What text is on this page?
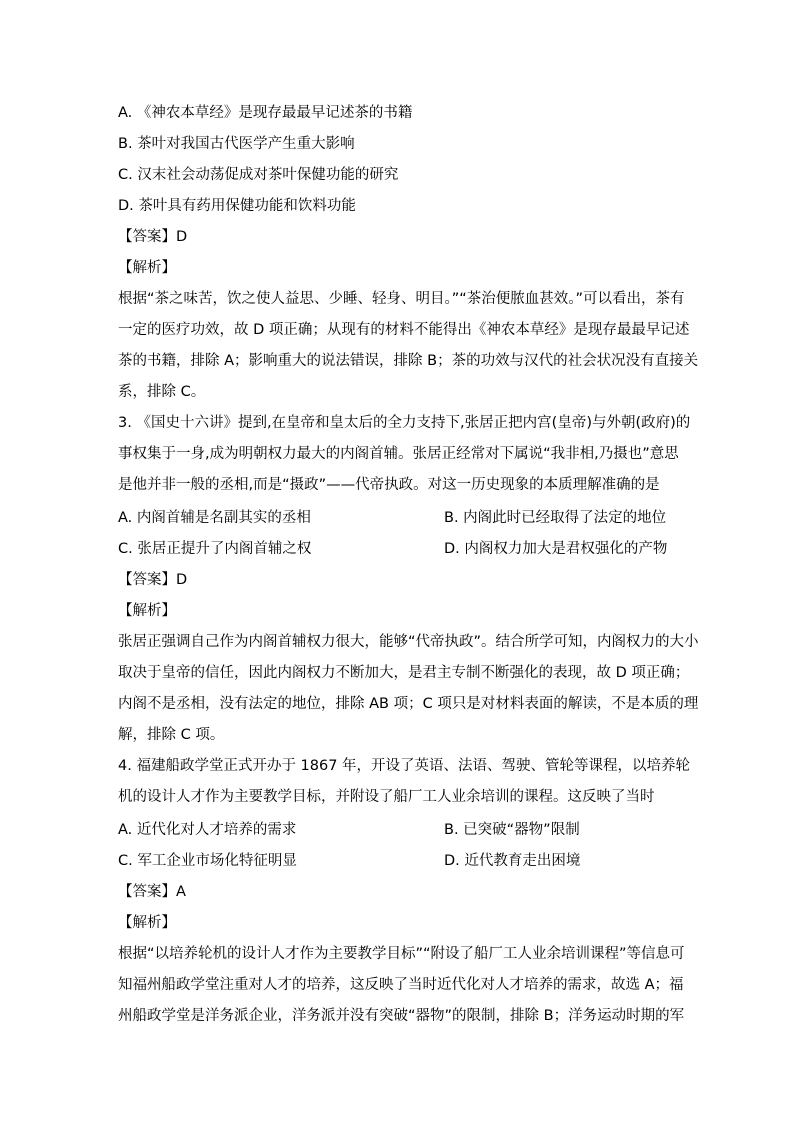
A. 《神农本草经》是现存最最早记述茶的书籍
B. 茶叶对我国古代医学产生重大影响
C. 汉末社会动荡促成对茶叶保健功能的研究
D. 茶叶具有药用保健功能和饮料功能
【答案】D
【解析】
根据“茶之味苦，饮之使人益思、少睡、轻身、明目。”“茶治便脓血甚效。”可以看出，茶有
一定的医疗功效，故 D 项正确；从现有的材料不能得出《神农本草经》是现存最最早记述
茶的书籍，排除 A；影响重大的说法错误，排除 B；茶的功效与汉代的社会状况没有直接关
系，排除 C。
3. 《国史十六讲》提到,在皇帝和皇太后的全力支持下,张居正把内宫(皇帝)与外朝(政府)的
事权集于一身,成为明朝权力最大的内阁首辅。张居正经常对下属说“我非相,乃摄也”意思
是他并非一般的丞相,而是“摄政”——代帝执政。对这一历史现象的本质理解准确的是
A. 内阁首辅是名副其实的丞相	B. 内阁此时已经取得了法定的地位
C. 张居正提升了内阁首辅之权	D. 内阁权力加大是君权强化的产物
【答案】D
【解析】
张居正强调自己作为内阁首辅权力很大，能够“代帝执政”。结合所学可知，内阁权力的大小
取决于皇帝的信任，因此内阁权力不断加大，是君主专制不断强化的表现，故 D 项正确；
内阁不是丞相，没有法定的地位，排除 AB 项；C 项只是对材料表面的解读，不是本质的理
解，排除 C 项。
4. 福建船政学堂正式开办于 1867 年，开设了英语、法语、驾驶、管轮等课程，以培养轮
机的设计人才作为主要教学目标，并附设了船厂工人业余培训的课程。这反映了当时
A. 近代化对人才培养的需求	B. 已突破“器物”限制
C. 军工企业市场化特征明显	D. 近代教育走出困境
【答案】A
【解析】
根据“以培养轮机的设计人才作为主要教学目标”“附设了船厂工人业余培训课程”等信息可
知福州船政学堂注重对人才的培养，这反映了当时近代化对人才培养的需求，故选 A；福
州船政学堂是洋务派企业，洋务派并没有突破“器物”的限制，排除 B；洋务运动时期的军
